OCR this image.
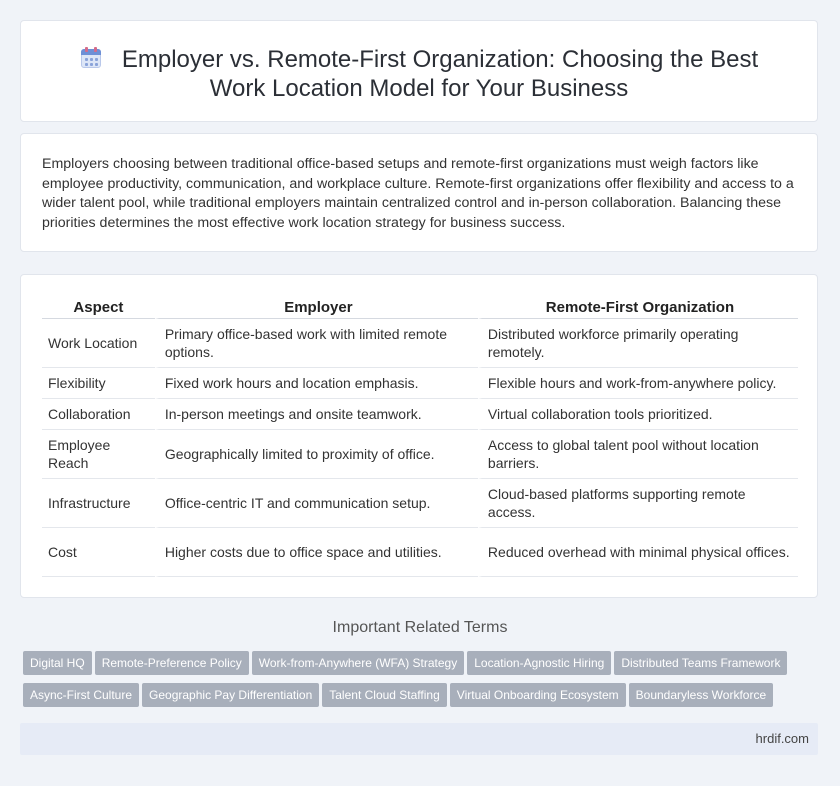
Employer vs. Remote-First Organization: Choosing the Best Work Location Model for Your Business

Employers choosing between traditional office-based setups and remote-first organizations must weigh factors like employee productivity, communication, and workplace culture. Remote-first organizations offer flexibility and access to a wider talent pool, while traditional employers maintain centralized control and in-person collaboration. Balancing these priorities determines the most effective work location strategy for business success.

Aspect	Employer	Remote-First Organization
Work Location	Primary office-based work with limited remote options.	Distributed workforce primarily operating remotely.
Flexibility	Fixed work hours and location emphasis.	Flexible hours and work-from-anywhere policy.
Collaboration	In-person meetings and onsite teamwork.	Virtual collaboration tools prioritized.
Employee Reach	Geographically limited to proximity of office.	Access to global talent pool without location barriers.
Infrastructure	Office-centric IT and communication setup.	Cloud-based platforms supporting remote access.
Cost	Higher costs due to office space and utilities.	Reduced overhead with minimal physical offices.
Important Related Terms
Digital HQ Remote-Preference Policy Work-from-Anywhere (WFA) Strategy Location-Agnostic Hiring Distributed Teams Framework
Async-First Culture Geographic Pay Differentiation Talent Cloud Staffing Virtual Onboarding Ecosystem Boundaryless Workforce
hrdif.com
